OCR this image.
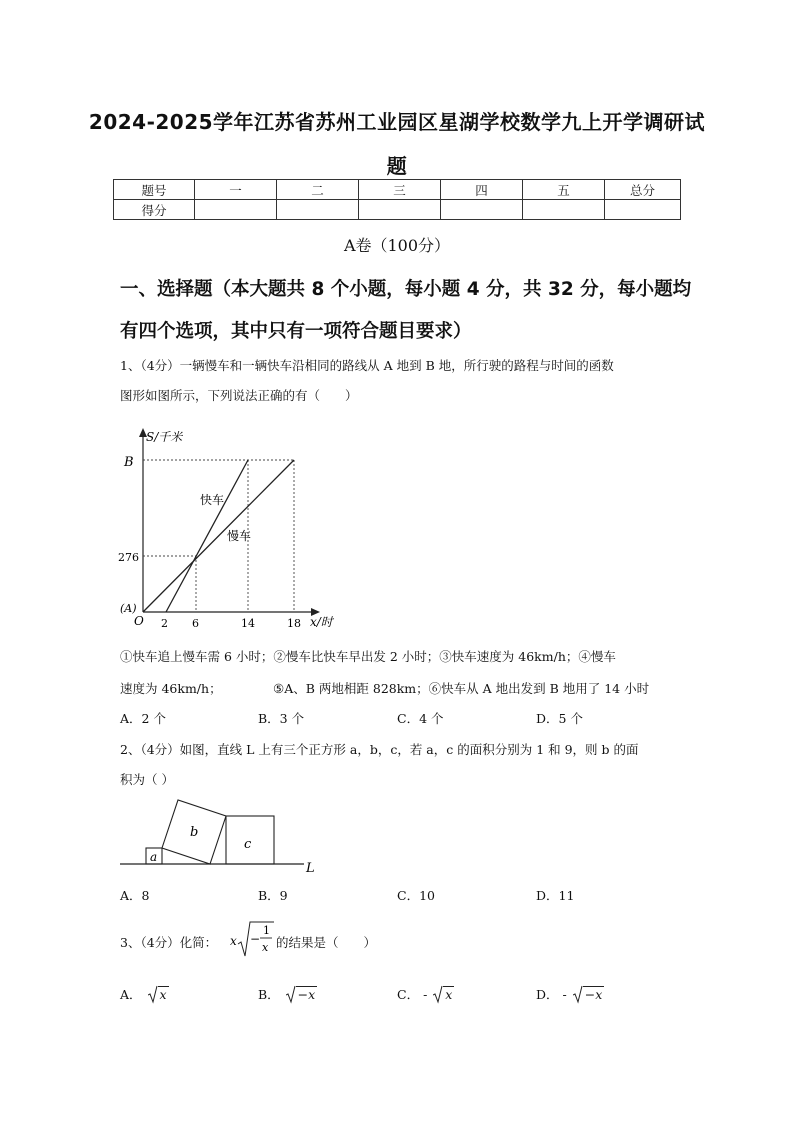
2024-2025学年江苏省苏州工业园区星湖学校数学九上开学调研试
题
题号	一	二	三	四	五	总分
得分						
A卷（100分）
一、选择题（本大题共 8 个小题，每小题 4 分，共 32 分，每小题均
有四个选项，其中只有一项符合题目要求）
1、（4分）一辆慢车和一辆快车沿相同的路线从 A 地到 B 地，所行驶的路程与时间的函数
图形如图所示，下列说法正确的有（　　）
S/千米
x/时
B
(A)
O
276
2 6	14	18
快车
慢车
①快车追上慢车需 6 小时；②慢车比快车早出发 2 小时；③快车速度为 46km/h；④慢车
速度为 46km/h；	⑤A、B 两地相距 828km；⑥快车从 A 地出发到 B 地用了 14 小时
A．2 个	B．3 个	C．4 个	D．5 个
2、（4分）如图，直线 L 上有三个正方形 a，b，c，若 a，c 的面积分别为 1 和 9，则 b 的面
积为（ ）
a
b
c
L
A．8	B．9	C．10	D．11
3、（4分）化简： x −
1
x 的结果是（　　）
A． x	B． −x	C． - x	D． - −x
